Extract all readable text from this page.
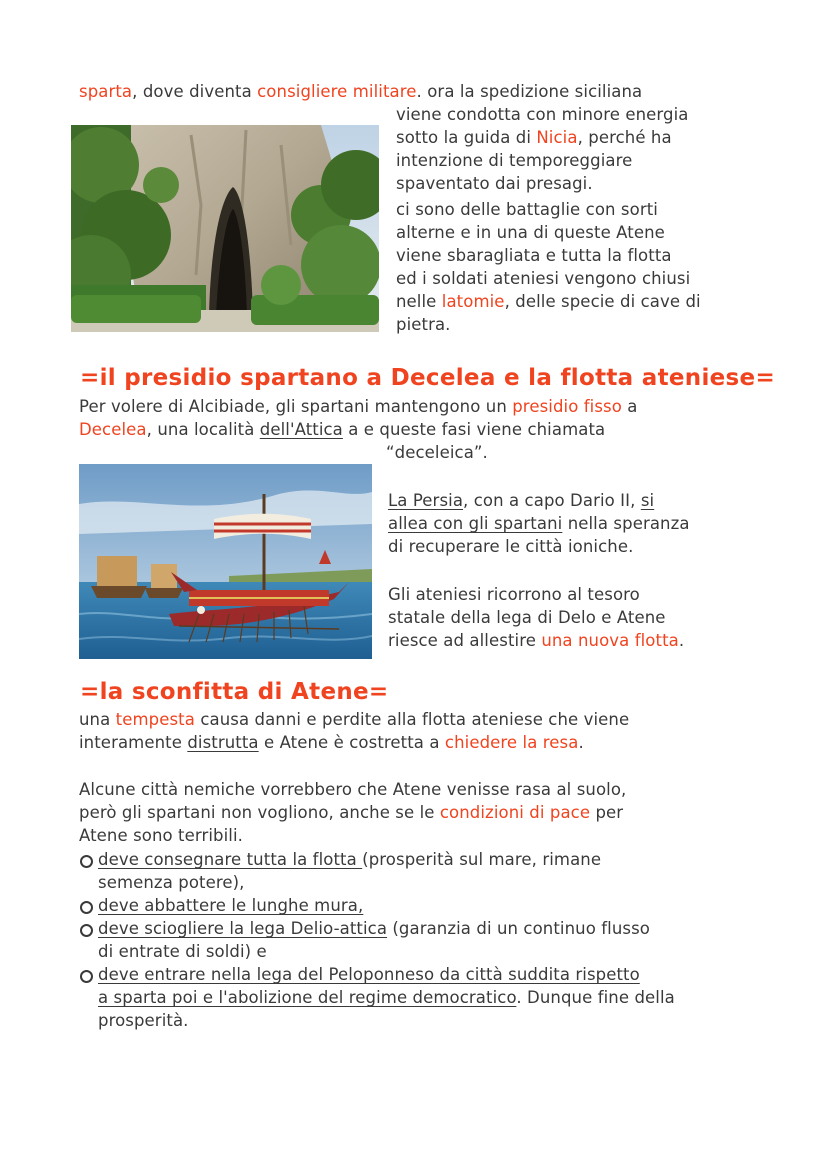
sparta, dove diventa consigliere militare. ora la spedizione siciliana
viene condotta con minore energia
sotto la guida di Nicia, perché ha
intenzione di temporeggiare
spaventato dai presagi.
ci sono delle battaglie con sorti
alterne e in una di queste Atene
viene sbaragliata e tutta la flotta
ed i soldati ateniesi vengono chiusi
nelle latomie, delle specie di cave di
pietra.
=il presidio spartano a Decelea e la flotta ateniese=
Per volere di Alcibiade, gli spartani mantengono un presidio fisso a
Decelea, una località dell'Attica a e queste fasi viene chiamata
“deceleica”.
La Persia, con a capo Dario II, si
allea con gli spartani nella speranza
di recuperare le città ioniche.
Gli ateniesi ricorrono al tesoro
statale della lega di Delo e Atene
riesce ad allestire una nuova flotta.
=la sconfitta di Atene=
una tempesta causa danni e perdite alla flotta ateniese che viene
interamente distrutta e Atene è costretta a chiedere la resa.
Alcune città nemiche vorrebbero che Atene venisse rasa al suolo,
però gli spartani non vogliono, anche se le condizioni di pace per
Atene sono terribili.
deve consegnare tutta la flotta (prosperità sul mare, rimane
semenza potere),
deve abbattere le lunghe mura,
deve sciogliere la lega Delio-attica (garanzia di un continuo flusso
di entrate di soldi) e
deve entrare nella lega del Peloponneso da città suddita rispetto
a sparta poi e l'abolizione del regime democratico. Dunque fine della
prosperità.
